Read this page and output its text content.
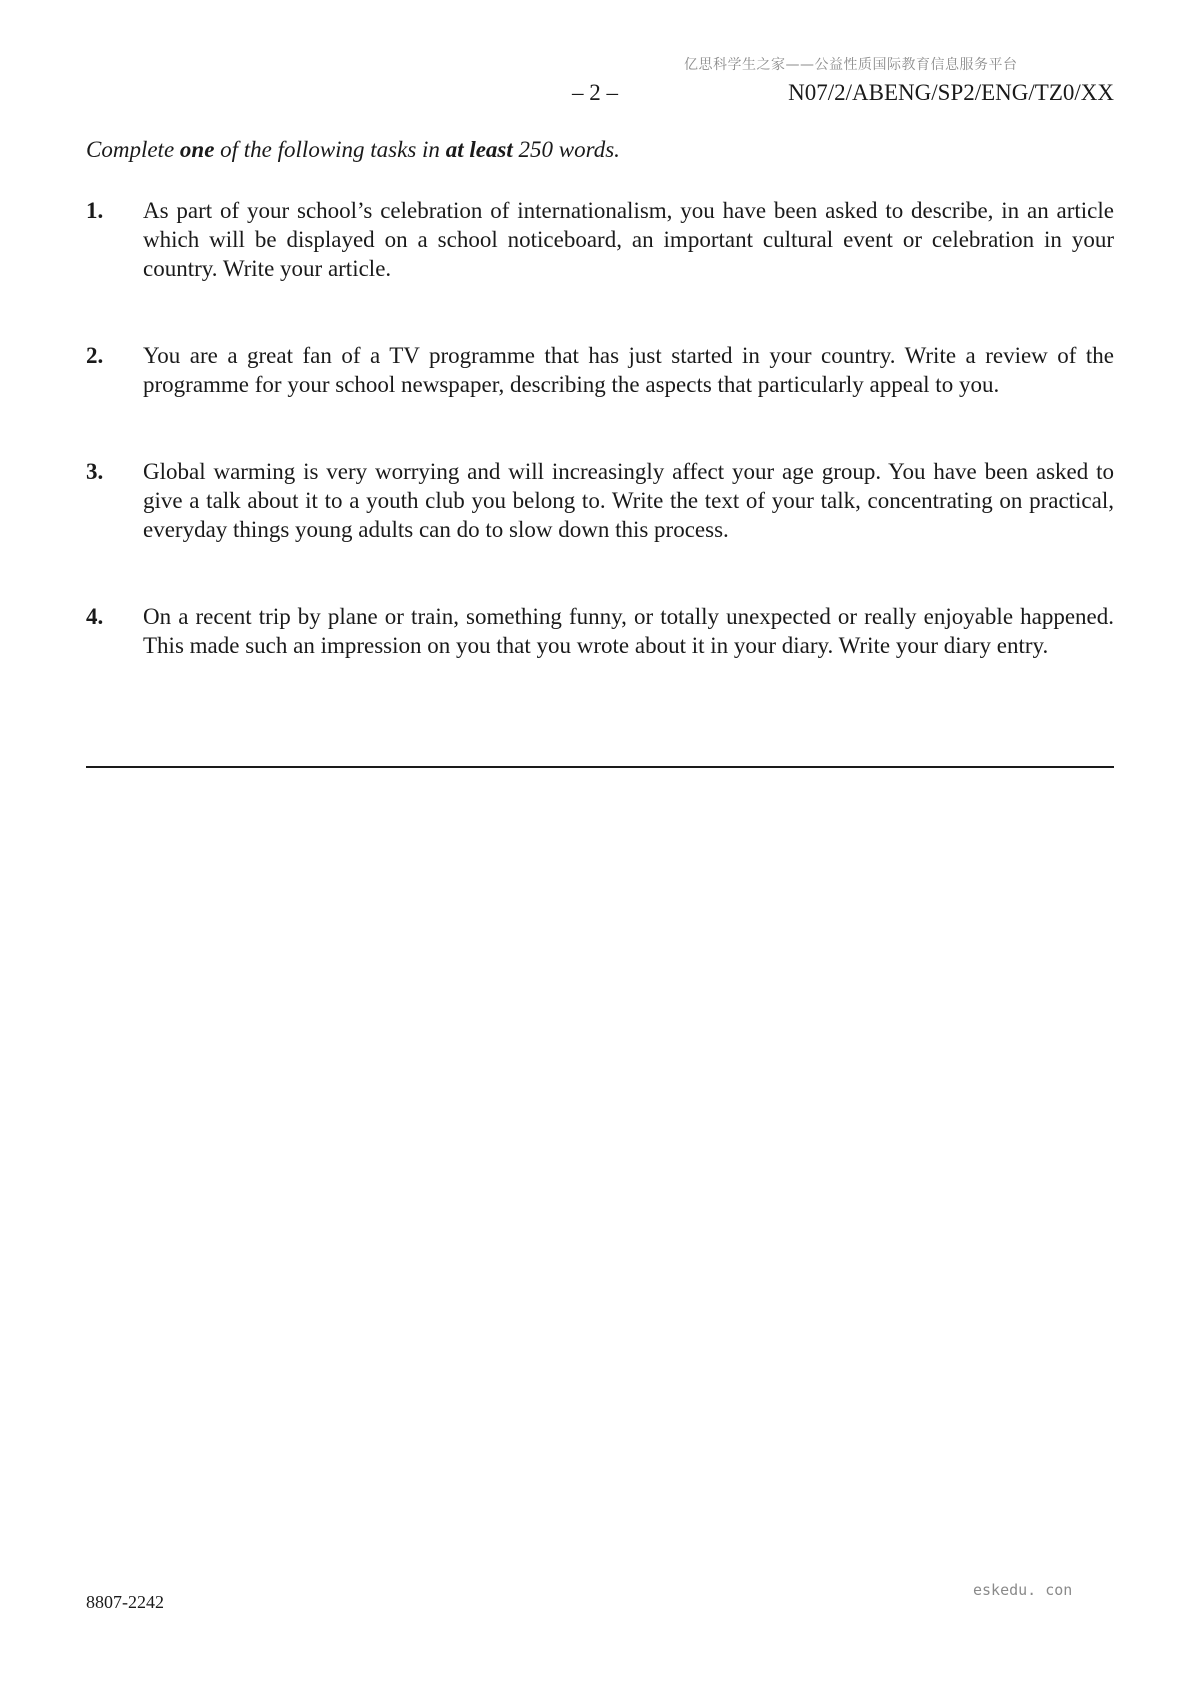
亿思科学生之家——公益性质国际教育信息服务平台
– 2 –	N07/2/ABENG/SP2/ENG/TZ0/XX
Complete one of the following tasks in at least 250 words.
1. As part of your school’s celebration of internationalism, you have been asked to describe, in an article which will be displayed on a school noticeboard, an important cultural event or celebration in your country. Write your article.
2. You are a great fan of a TV programme that has just started in your country. Write a review of the programme for your school newspaper, describing the aspects that particularly appeal to you.
3. Global warming is very worrying and will increasingly affect your age group. You have been asked to give a talk about it to a youth club you belong to. Write the text of your talk, concentrating on practical, everyday things young adults can do to slow down this process.
4. On a recent trip by plane or train, something funny, or totally unexpected or really enjoyable happened. This made such an impression on you that you wrote about it in your diary. Write your diary entry.
8807-2242
eskedu. con
